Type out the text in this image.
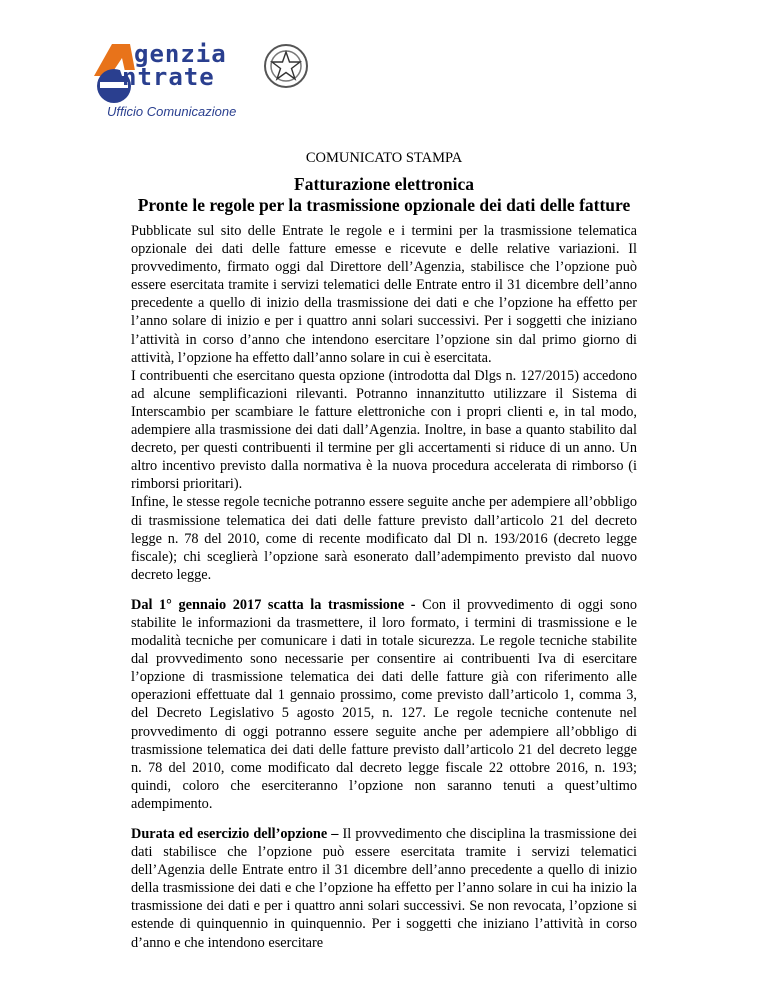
genzia
ntrate
Ufficio Comunicazione
COMUNICATO STAMPA
Fatturazione elettronica
Pronte le regole per la trasmissione opzionale dei dati delle fatture

Pubblicate sul sito delle Entrate le regole e i termini per la trasmissione telematica opzionale dei dati delle fatture emesse e ricevute e delle relative variazioni. Il provvedimento, firmato oggi dal Direttore dell’Agenzia, stabilisce che l’opzione può essere esercitata tramite i servizi telematici delle Entrate entro il 31 dicembre dell’anno precedente a quello di inizio della trasmissione dei dati e che l’opzione ha effetto per l’anno solare di inizio e per i quattro anni solari successivi. Per i soggetti che iniziano l’attività in corso d’anno che intendono esercitare l’opzione sin dal primo giorno di attività, l’opzione ha effetto dall’anno solare in cui è esercitata.

I contribuenti che esercitano questa opzione (introdotta dal Dlgs n. 127/2015) accedono ad alcune semplificazioni rilevanti. Potranno innanzitutto utilizzare il Sistema di Interscambio per scambiare le fatture elettroniche con i propri clienti e, in tal modo, adempiere alla trasmissione dei dati dall’Agenzia. Inoltre, in base a quanto stabilito dal decreto, per questi contribuenti il termine per gli accertamenti si riduce di un anno. Un altro incentivo previsto dalla normativa è la nuova procedura accelerata di rimborso (i rimborsi prioritari).

Infine, le stesse regole tecniche potranno essere seguite anche per adempiere all’obbligo di trasmissione telematica dei dati delle fatture previsto dall’articolo 21 del decreto legge n. 78 del 2010, come di recente modificato dal Dl n. 193/2016 (decreto legge fiscale); chi sceglierà l’opzione sarà esonerato dall’adempimento previsto dal nuovo decreto legge.

Dal 1° gennaio 2017 scatta la trasmissione - Con il provvedimento di oggi sono stabilite le informazioni da trasmettere, il loro formato, i termini di trasmissione e le modalità tecniche per comunicare i dati in totale sicurezza. Le regole tecniche stabilite dal provvedimento sono necessarie per consentire ai contribuenti Iva di esercitare l’opzione di trasmissione telematica dei dati delle fatture già con riferimento alle operazioni effettuate dal 1 gennaio prossimo, come previsto dall’articolo 1, comma 3, del Decreto Legislativo 5 agosto 2015, n. 127. Le regole tecniche contenute nel provvedimento di oggi potranno essere seguite anche per adempiere all’obbligo di trasmissione telematica dei dati delle fatture previsto dall’articolo 21 del decreto legge n. 78 del 2010, come modificato dal decreto legge fiscale 22 ottobre 2016, n. 193; quindi, coloro che eserciteranno l’opzione non saranno tenuti a quest’ultimo adempimento.

Durata ed esercizio dell’opzione – Il provvedimento che disciplina la trasmissione dei dati stabilisce che l’opzione può essere esercitata tramite i servizi telematici dell’Agenzia delle Entrate entro il 31 dicembre dell’anno precedente a quello di inizio della trasmissione dei dati e che l’opzione ha effetto per l’anno solare in cui ha inizio la trasmissione dei dati e per i quattro anni solari successivi. Se non revocata, l’opzione si estende di quinquennio in quinquennio. Per i soggetti che iniziano l’attività in corso d’anno e che intendono esercitare
